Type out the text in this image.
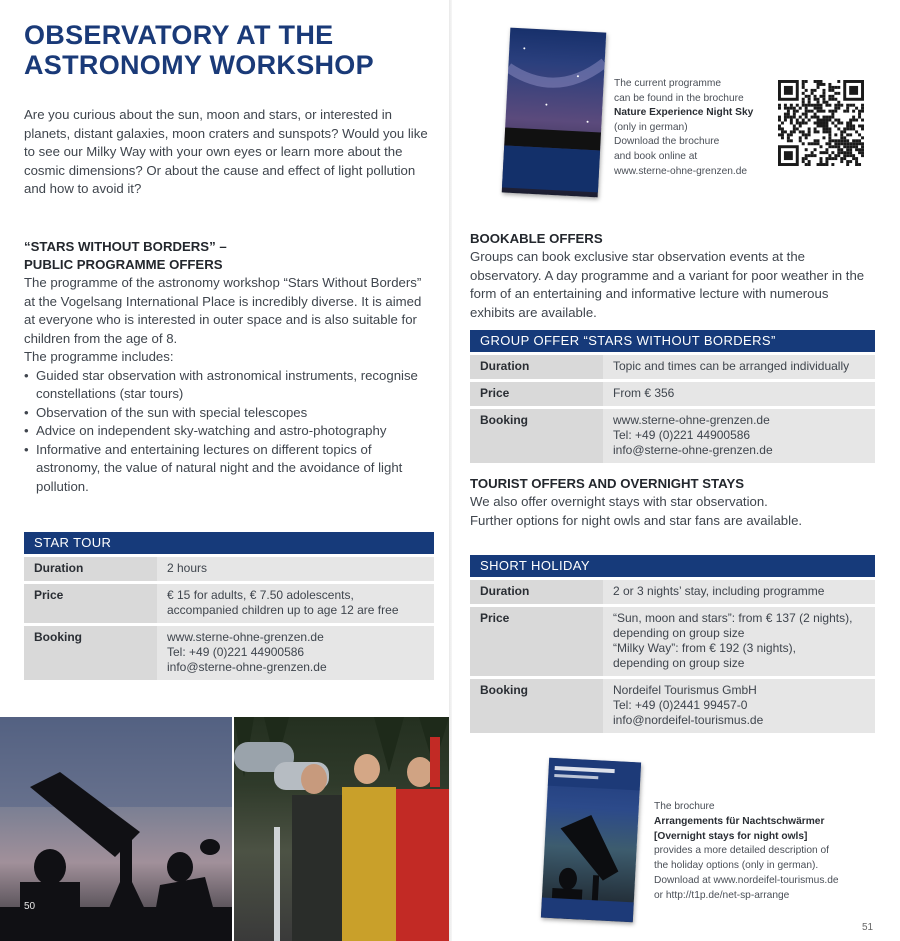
OBSERVATORY AT THE
ASTRONOMY WORKSHOP

Are you curious about the sun, moon and stars, or interested in planets, distant galaxies, moon craters and sunspots? Would you like to see our Milky Way with your own eyes or learn more about the cosmic dimensions? Or about the cause and effect of light pollution and how to avoid it?

“STARS WITHOUT BORDERS” –
PUBLIC PROGRAMME OFFERS

The programme of the astronomy workshop “Stars Without Borders” at the Vogelsang International Place is incredibly diverse. It is aimed at everyone who is interested in outer space and is also suitable for children from the age of 8.

The programme includes:

• Guided star observation with astronomical instruments, recognise constellations (star tours)
• Observation of the sun with special telescopes
• Advice on independent sky-watching and astro-photography
• Informative and entertaining lectures on different topics of astronomy, the value of natural night and the avoidance of light pollution.
STAR TOUR
Duration	2 hours

Price	€ 15 for adults, € 7.50 adolescents,
accompanied children up to age 12 are free

Booking	www.sterne-ohne-grenzen.de
Tel: +49 (0)221 44900586
info@sterne-ohne-grenzen.de
50
The current programme
can be found in the brochure
Nature Experience Night Sky
(only in german)
Download the brochure
and book online at
www.sterne-ohne-grenzen.de
BOOKABLE OFFERS

Groups can book exclusive star observation events at the observatory. A day programme and a variant for poor weather in the form of an entertaining and informative lecture with numerous exhibits are available.

GROUP OFFER “STARS WITHOUT BORDERS”
Duration	Topic and times can be arranged individually

Price	From € 356

Booking	www.sterne-ohne-grenzen.de
Tel: +49 (0)221 44900586
info@sterne-ohne-grenzen.de
TOURIST OFFERS AND OVERNIGHT STAYS

We also offer overnight stays with star observation.

Further options for night owls and star fans are available.

SHORT HOLIDAY
Duration	2 or 3 nights’ stay, including programme

Price	“Sun, moon and stars”: from € 137 (2 nights),
depending on group size
“Milky Way”: from € 192 (3 nights),
depending on group size

Booking	Nordeifel Tourismus GmbH
Tel: +49 (0)2441 99457-0
info@nordeifel-tourismus.de
The brochure
Arrangements für Nachtschwärmer
[Overnight stays for night owls]
provides a more detailed description of
the holiday options (only in german).
Download at www.nordeifel-tourismus.de
or http://t1p.de/net-sp-arrange
51
